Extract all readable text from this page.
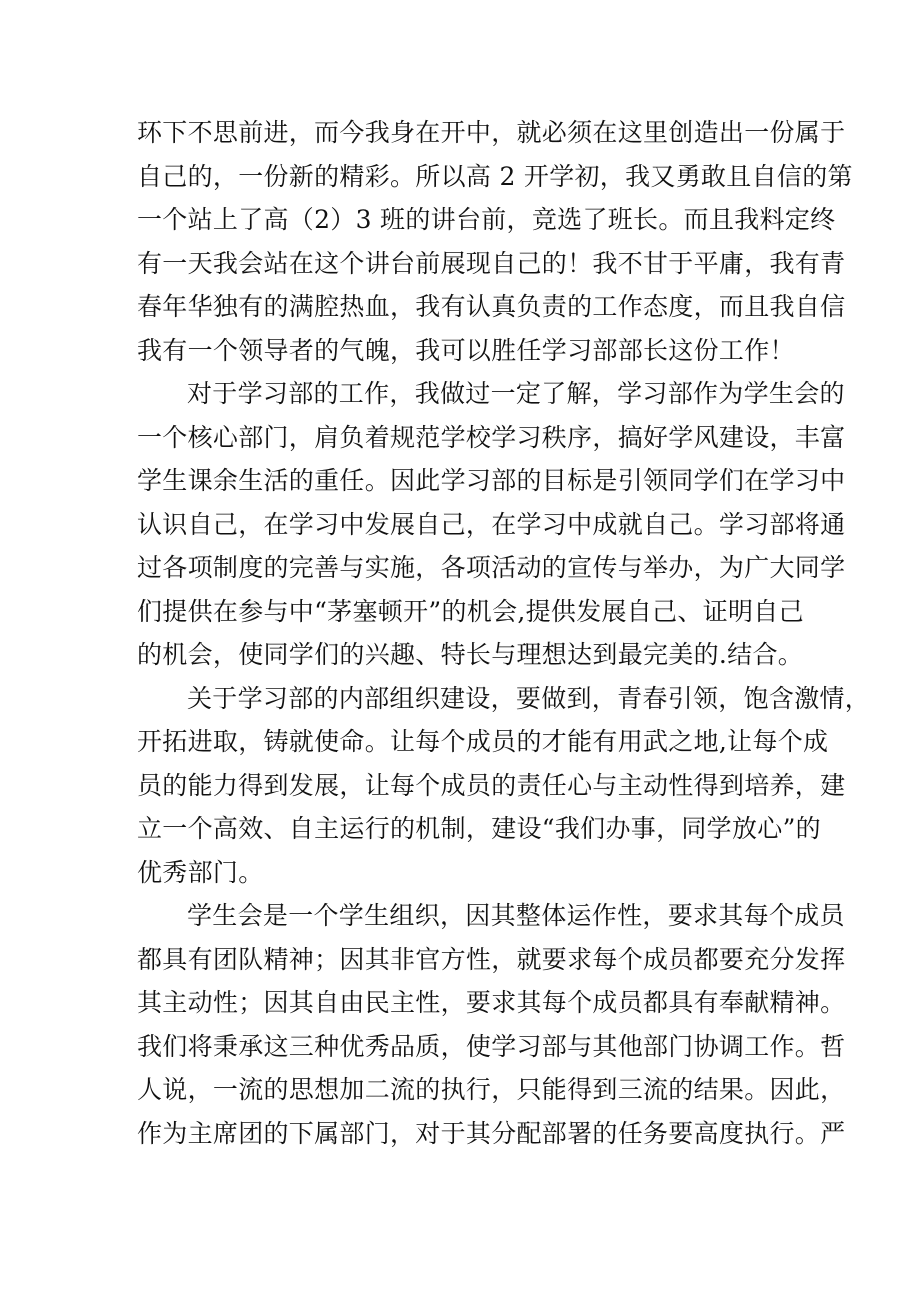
环下不思前进，而今我身在开中，就必须在这里创造出一份属于
自己的，一份新的精彩。所以高 2 开学初，我又勇敢且自信的第
一个站上了高（2）3 班的讲台前，竞选了班长。而且我料定终
有一天我会站在这个讲台前展现自己的！我不甘于平庸，我有青
春年华独有的满腔热血，我有认真负责的工作态度，而且我自信
我有一个领导者的气魄，我可以胜任学习部部长这份工作！
对于学习部的工作，我做过一定了解，学习部作为学生会的
一个核心部门，肩负着规范学校学习秩序，搞好学风建设，丰富
学生课余生活的重任。因此学习部的目标是引领同学们在学习中
认识自己，在学习中发展自己，在学习中成就自己。学习部将通
过各项制度的完善与实施，各项活动的宣传与举办，为广大同学
们提供在参与中“茅塞顿开”的机会,提供发展自己、证明自己
的机会，使同学们的兴趣、特长与理想达到最完美的.结合。
关于学习部的内部组织建设，要做到，青春引领，饱含激情，
开拓进取，铸就使命。让每个成员的才能有用武之地,让每个成
员的能力得到发展，让每个成员的责任心与主动性得到培养，建
立一个高效、自主运行的机制，建设“我们办事，同学放心”的
优秀部门。
学生会是一个学生组织，因其整体运作性，要求其每个成员
都具有团队精神；因其非官方性，就要求每个成员都要充分发挥
其主动性；因其自由民主性，要求其每个成员都具有奉献精神。
我们将秉承这三种优秀品质，使学习部与其他部门协调工作。哲
人说，一流的思想加二流的执行，只能得到三流的结果。因此，
作为主席团的下属部门，对于其分配部署的任务要高度执行。严
